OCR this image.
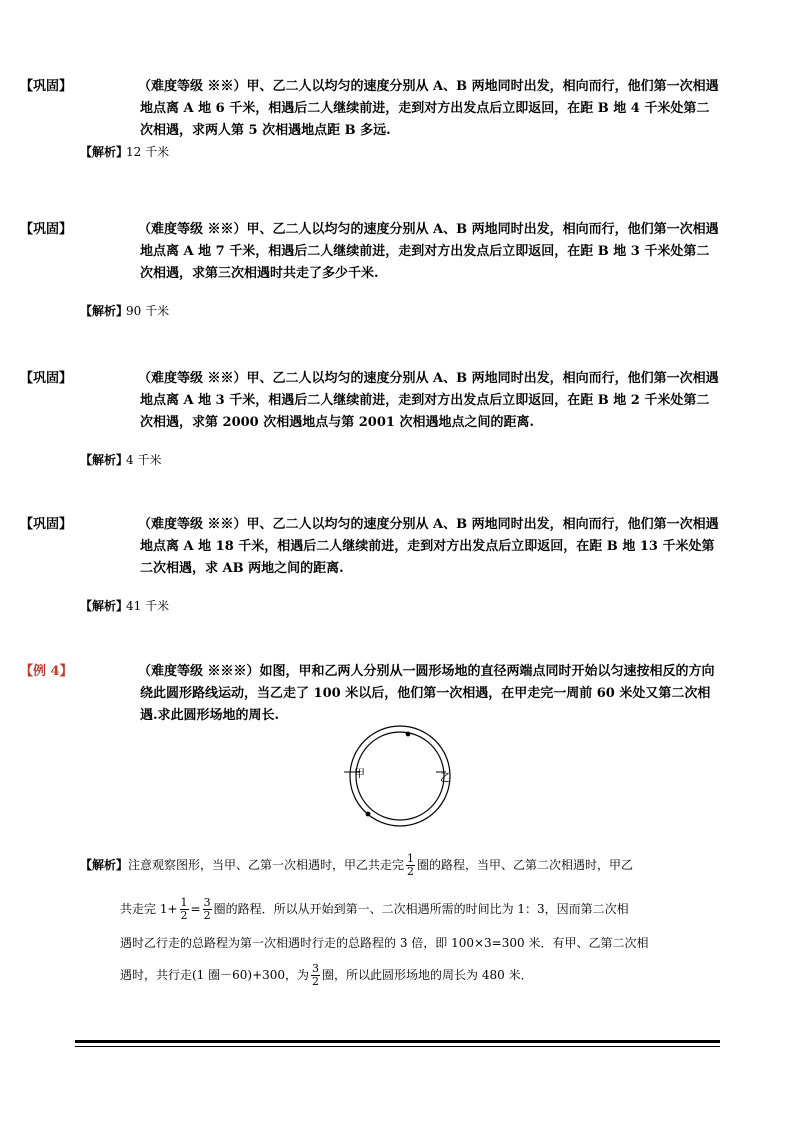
【巩固】	（难度等级 ※※）甲、乙二人以均匀的速度分别从 A、B 两地同时出发，相向而行，他们第一次相遇地点离 A 地 6 千米，相遇后二人继续前进，走到对方出发点后立即返回，在距 B 地 4 千米处第二次相遇，求两人第 5 次相遇地点距 B 多远.

【解析】12 千米

【巩固】	（难度等级 ※※）甲、乙二人以均匀的速度分别从 A、B 两地同时出发，相向而行，他们第一次相遇地点离 A 地 7 千米，相遇后二人继续前进，走到对方出发点后立即返回，在距 B 地 3 千米处第二次相遇，求第三次相遇时共走了多少千米.

【解析】90 千米

【巩固】	（难度等级 ※※）甲、乙二人以均匀的速度分别从 A、B 两地同时出发，相向而行，他们第一次相遇地点离 A 地 3 千米，相遇后二人继续前进，走到对方出发点后立即返回，在距 B 地 2 千米处第二次相遇，求第 2000 次相遇地点与第 2001 次相遇地点之间的距离.

【解析】4 千米

【巩固】	（难度等级 ※※）甲、乙二人以均匀的速度分别从 A、B 两地同时出发，相向而行，他们第一次相遇地点离 A 地 18 千米，相遇后二人继续前进，走到对方出发点后立即返回，在距 B 地 13 千米处第二次相遇，求 AB 两地之间的距离.

【解析】41 千米

【例 4】	（难度等级 ※※※）如图，甲和乙两人分别从一圆形场地的直径两端点同时开始以匀速按相反的方向绕此圆形路线运动，当乙走了 100 米以后，他们第一次相遇，在甲走完一周前 60 米处又第二次相遇.求此圆形场地的周长.

甲	乙
【解析】 注意观察图形，当甲、乙第一次相遇时，甲乙共走完 $\frac{1}{2}$ 圈的路程，当甲、乙第二次相遇时，甲乙
共走完 $1+ \frac{1}{2} = \frac{3}{2}$ 圈的路程．所以从开始到第一、二次相遇所需的时间比为 1：3，因而第二次相
遇时乙行走的总路程为第一次相遇时行走的总路程的 3 倍，即 100×3=300 米．有甲、乙第二次相
遇时，共行走(1 圈－60)+300，为 $\frac{3}{2}$ 圈，所以此圆形场地的周长为 480 米．
